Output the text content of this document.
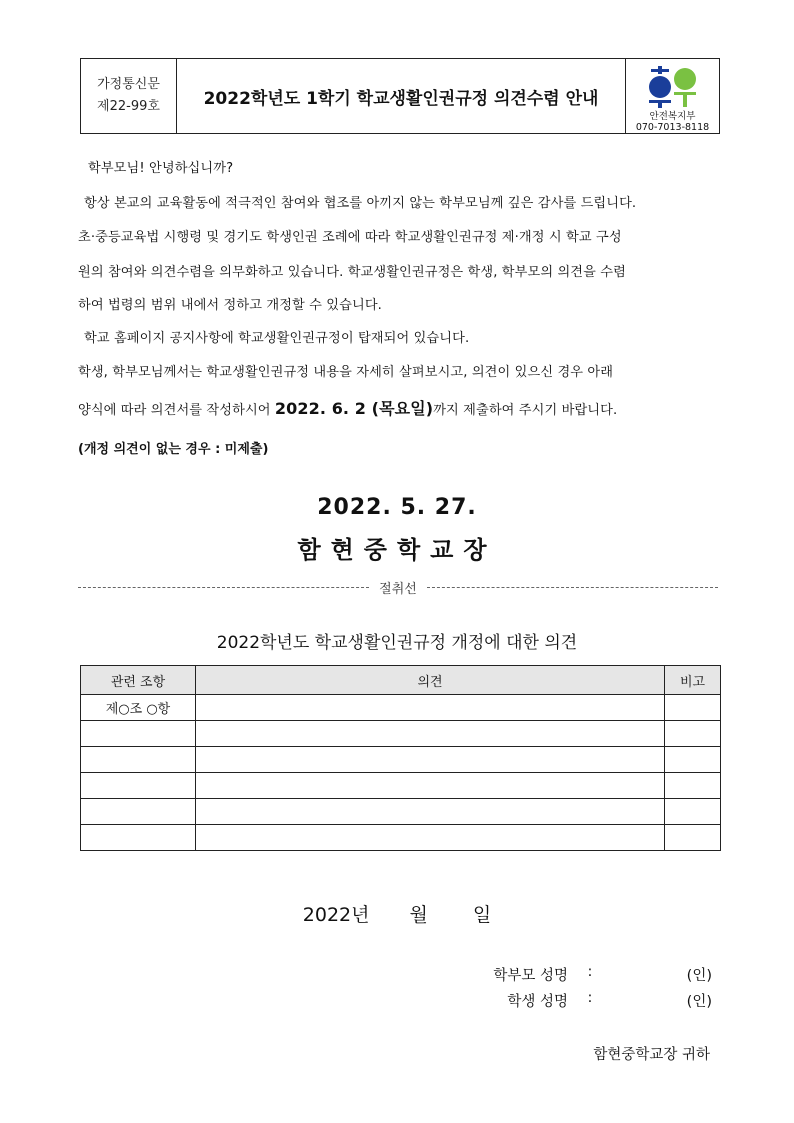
가정통신문
제22-99호	2022학년도 1학기 학교생활인권규정 의견수렴 안내
안전복지부
070-7013-8118
학부모님! 안녕하십니까?
항상 본교의 교육활동에 적극적인 참여와 협조를 아끼지 않는 학부모님께 깊은 감사를 드립니다.
초·중등교육법 시행령 및 경기도 학생인권 조례에 따라 학교생활인권규정 제·개정 시 학교 구성
원의 참여와 의견수렴을 의무화하고 있습니다. 학교생활인권규정은 학생, 학부모의 의견을 수렴
하여 법령의 범위 내에서 정하고 개정할 수 있습니다.
학교 홈페이지 공지사항에 학교생활인권규정이 탑재되어 있습니다.
학생, 학부모님께서는 학교생활인권규정 내용을 자세히 살펴보시고, 의견이 있으신 경우 아래
양식에 따라 의견서를 작성하시어 2022. 6. 2 (목요일)까지 제출하여 주시기 바랍니다.
(개정 의견이 없는 경우 : 미제출)
2022. 5. 27.
함현중학교장
절취선
2022학년도 학교생활인권규정 개정에 대한 의견
관련 조항	의견	비고
제○조 ○항		

2022년 월 일
학부모 성명	:	(인)
학생 성명	:	(인)
함현중학교장 귀하
